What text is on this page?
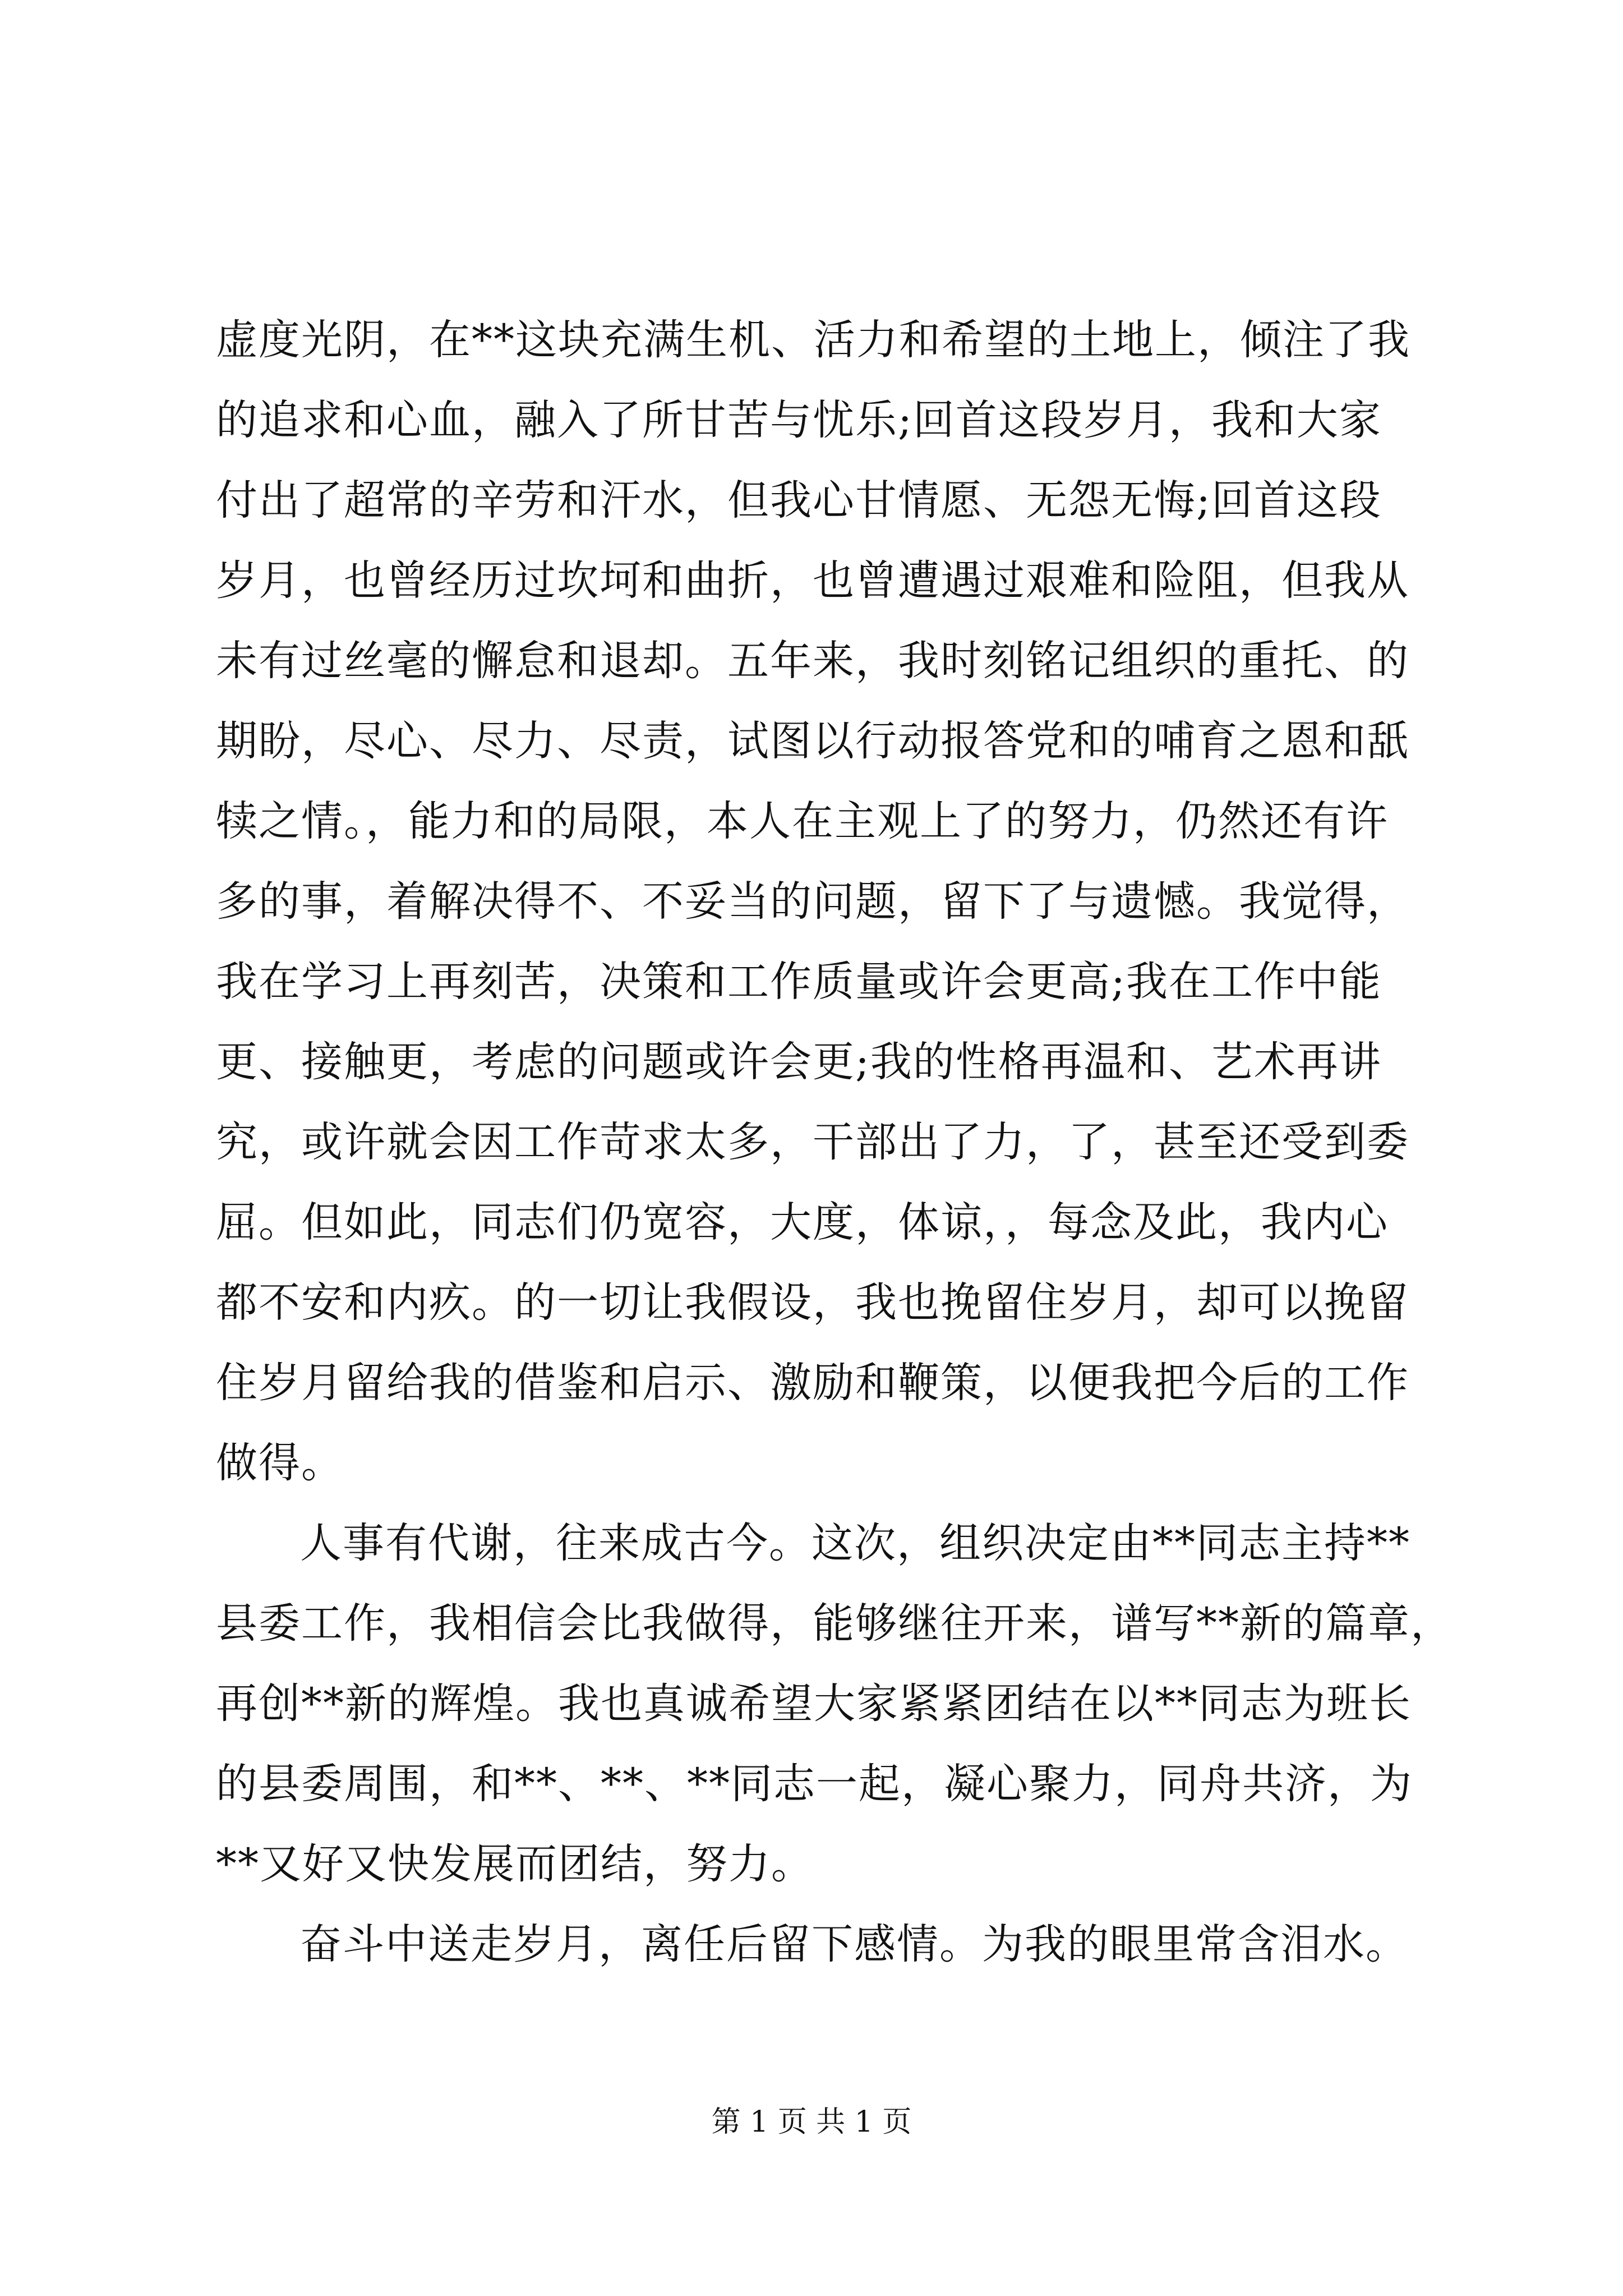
虚度光阴，在**这块充满生机、活力和希望的土地上，倾注了我
的追求和心血，融入了所甘苦与忧乐;回首这段岁月，我和大家
付出了超常的辛劳和汗水，但我心甘情愿、无怨无悔;回首这段
岁月，也曾经历过坎坷和曲折，也曾遭遇过艰难和险阻，但我从
未有过丝毫的懈怠和退却。五年来，我时刻铭记组织的重托、的
期盼，尽心、尽力、尽责，试图以行动报答党和的哺育之恩和舐
犊之情。，能力和的局限，本人在主观上了的努力，仍然还有许
多的事，着解决得不、不妥当的问题，留下了与遗憾。我觉得，
我在学习上再刻苦，决策和工作质量或许会更高;我在工作中能
更、接触更，考虑的问题或许会更;我的性格再温和、艺术再讲
究，或许就会因工作苛求太多，干部出了力，了，甚至还受到委
屈。但如此，同志们仍宽容，大度，体谅，，每念及此，我内心
都不安和内疚。的一切让我假设，我也挽留住岁月，却可以挽留
住岁月留给我的借鉴和启示、激励和鞭策，以便我把今后的工作
做得。
人事有代谢，往来成古今。这次，组织决定由**同志主持**
县委工作，我相信会比我做得，能够继往开来，谱写**新的篇章，
再创**新的辉煌。我也真诚希望大家紧紧团结在以**同志为班长
的县委周围，和**、**、**同志一起，凝心聚力，同舟共济，为
**又好又快发展而团结，努力。
奋斗中送走岁月，离任后留下感情。为我的眼里常含泪水。
第 1 页 共 1 页
